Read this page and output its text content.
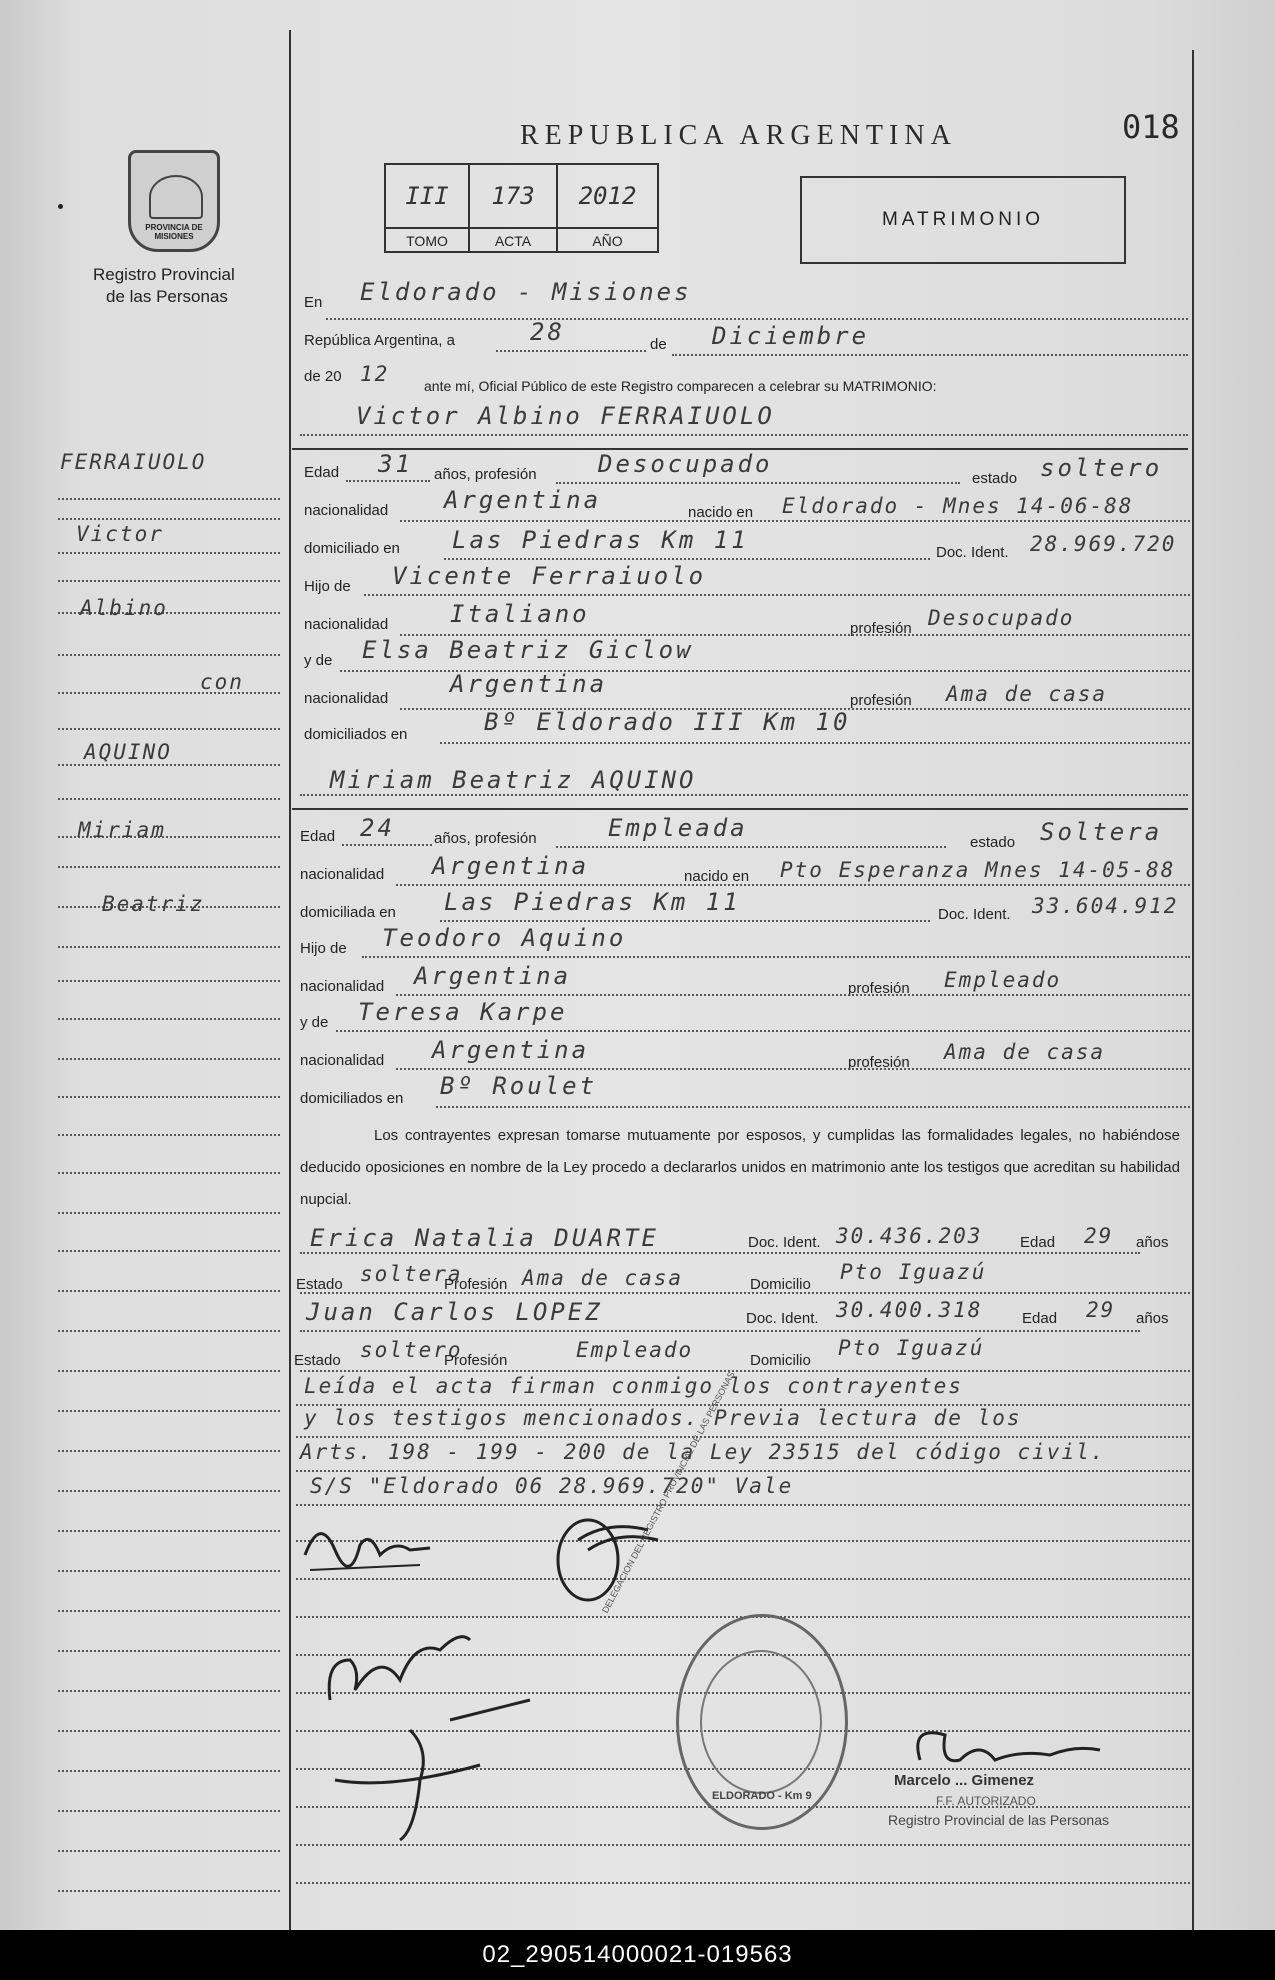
PROVINCIA DE MISIONES
Registro Provincial
de las Personas
REPUBLICA ARGENTINA	018
III	173	2012
TOMO	ACTA	AÑO
MATRIMONIO
FERRAIUOLO
Victor
Albino
con
AQUINO
Miriam
Beatriz
En Eldorado - Misiones
República Argentina, a	28	de Diciembre
de 20 12 ante mí, Oficial Público de este Registro comparecen a celebrar su MATRIMONIO:
Victor Albino FERRAIUOLO
Edad 31 años, profesión	Desocupado
estado soltero
nacionalidad Argentina	nacido en Eldorado - Mnes 14-06-88
domiciliado en Las Piedras Km 11	Doc. Ident. 28.969.720
Hijo de Vicente Ferraiuolo
nacionalidad	Italiano
profesión Desocupado
y de Elsa Beatriz Giclow
nacionalidad
Argentina
profesión Ama de casa
domiciliados en	Bº Eldorado III Km 10
Miriam Beatriz AQUINO
Edad 24	años, profesión	Empleada
estado Soltera
nacionalidad Argentina	nacido en Pto Esperanza Mnes 14-05-88
domiciliada en Las Piedras Km 11	Doc. Ident. 33.604.912
Hijo de Teodoro Aquino
nacionalidad Argentina	profesión Empleado
y de Teresa Karpe
nacionalidad Argentina	profesión Ama de casa
domiciliados en Bº Roulet
Los contrayentes expresan tomarse mutuamente por esposos, y cumplidas las formalidades legales, no habiéndose deducido oposiciones en nombre de la Ley procedo a declararlos unidos en matrimonio ante los testigos que acreditan su habilidad nupcial.
Erica Natalia DUARTE	Doc. Ident. 30.436.203	Edad 29 años
Estado soltera
Profesión Ama de casa	Domicilio
Pto Iguazú
Juan Carlos LOPEZ	Doc. Ident. 30.400.318	Edad 29 años
Estado soltero
Profesión	Empleado	Domicilio
Pto Iguazú
Leída el acta firman conmigo los contrayentes
y los testigos mencionados. Previa lectura de los
Arts. 198 - 199 - 200 de la Ley 23515 del código civil.
S/S "Eldorado 06 28.969.720" Vale
DELEGACION DEL REGISTRO PROVINCIAL DE LAS PERSONAS
ELDORADO - Km 9
Marcelo ... Gimenez
F.F. AUTORIZADO
Registro Provincial de las Personas
02_290514000021-019563
